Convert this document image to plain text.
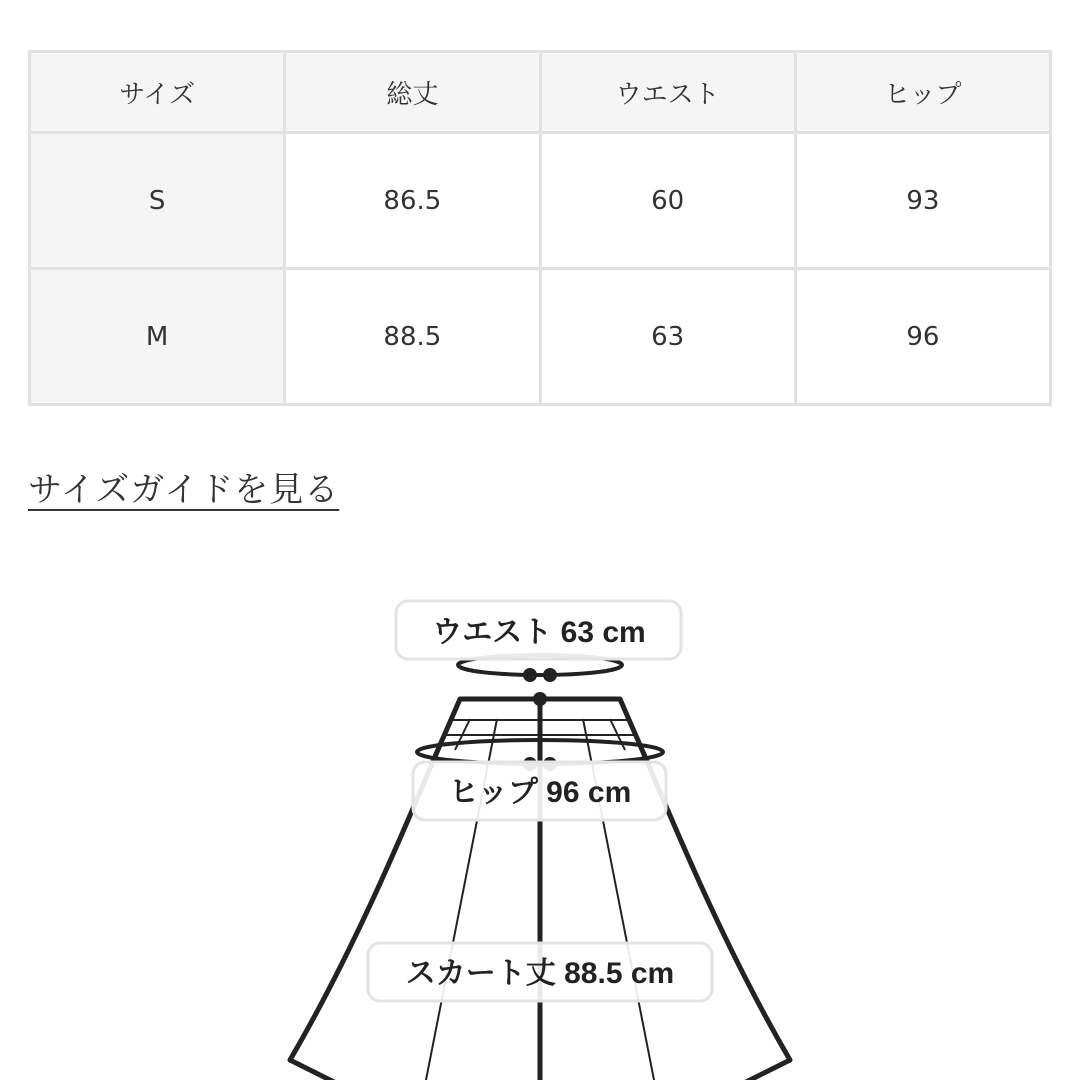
サイズ	総丈	ウエスト	ヒップ
S	86.5	60	93
M	88.5	63	96
サイズガイドを見る
ウエスト 63 cm
ヒップ 96 cm
スカート丈 88.5 cm
